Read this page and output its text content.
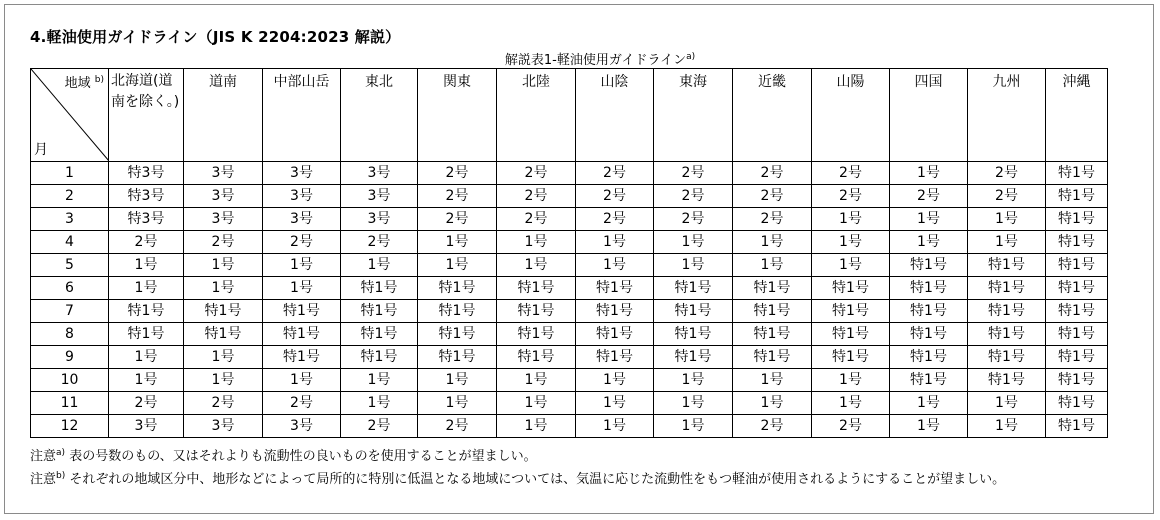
4.軽油使用ガイドライン（JIS K 2204:2023 解説）
解説表1-軽油使用ガイドライン$^{a)}$
地域 $^{b)}$
月	北海道(道南を除く。)	道南	中部山岳	東北	関東	北陸	山陰	東海	近畿	山陽	四国	九州	沖縄
1	特3号	3号	3号	3号	2号	2号	2号	2号	2号	2号	1号	2号	特1号
2	特3号	3号	3号	3号	2号	2号	2号	2号	2号	2号	2号	2号	特1号
3	特3号	3号	3号	3号	2号	2号	2号	2号	2号	1号	1号	1号	特1号
4	2号	2号	2号	2号	1号	1号	1号	1号	1号	1号	1号	1号	特1号
5	1号	1号	1号	1号	1号	1号	1号	1号	1号	1号	特1号	特1号	特1号
6	1号	1号	1号	特1号	特1号	特1号	特1号	特1号	特1号	特1号	特1号	特1号	特1号
7	特1号	特1号	特1号	特1号	特1号	特1号	特1号	特1号	特1号	特1号	特1号	特1号	特1号
8	特1号	特1号	特1号	特1号	特1号	特1号	特1号	特1号	特1号	特1号	特1号	特1号	特1号
9	1号	1号	特1号	特1号	特1号	特1号	特1号	特1号	特1号	特1号	特1号	特1号	特1号
10	1号	1号	1号	1号	1号	1号	1号	1号	1号	1号	特1号	特1号	特1号
11	2号	2号	2号	1号	1号	1号	1号	1号	1号	1号	1号	1号	特1号
12	3号	3号	3号	2号	2号	1号	1号	1号	2号	2号	1号	1号	特1号
注意$^{a)}$ 表の号数のもの、又はそれよりも流動性の良いものを使用することが望ましい。
注意$^{b)}$ それぞれの地域区分中、地形などによって局所的に特別に低温となる地域については、気温に応じた流動性をもつ軽油が使用されるようにすることが望ましい。
